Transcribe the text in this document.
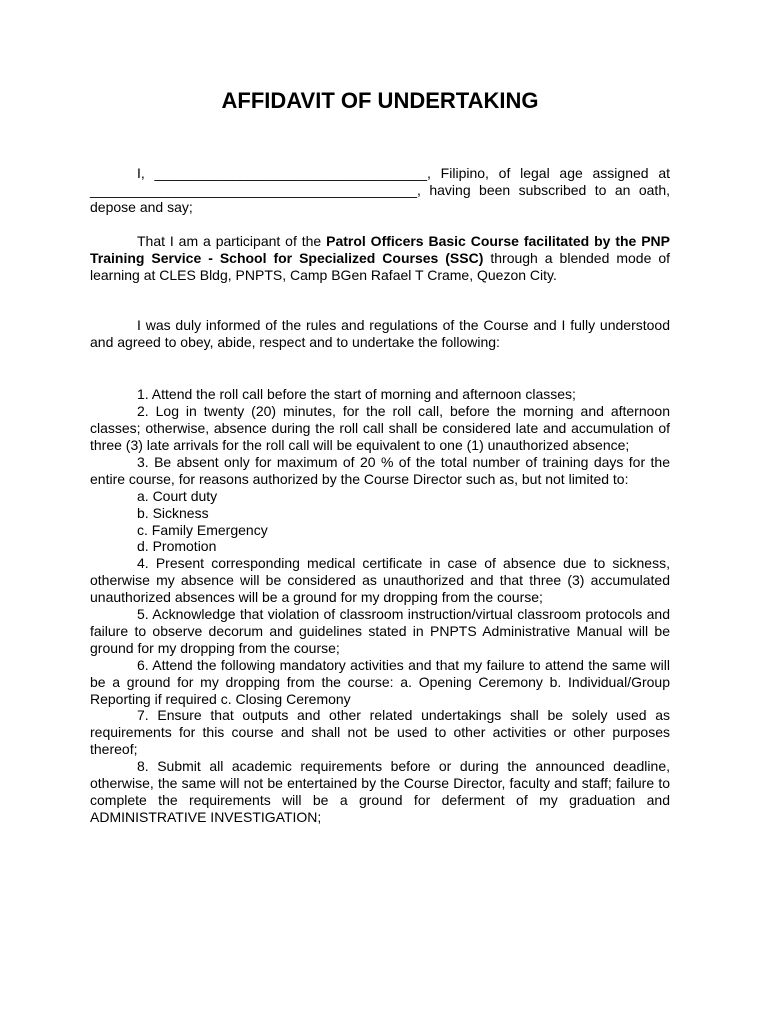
AFFIDAVIT OF UNDERTAKING

I, ___________________________________, Filipino, of legal age assigned at __________________________________________, having been subscribed to an oath, depose and say;

That I am a participant of the Patrol Officers Basic Course facilitated by the PNP Training Service - School for Specialized Courses (SSC) through a blended mode of learning at CLES Bldg, PNPTS, Camp BGen Rafael T Crame, Quezon City.

I was duly informed of the rules and regulations of the Course and I fully understood and agreed to obey, abide, respect and to undertake the following:

1. Attend the roll call before the start of morning and afternoon classes;

2. Log in twenty (20) minutes, for the roll call, before the morning and afternoon classes; otherwise, absence during the roll call shall be considered late and accumulation of three (3) late arrivals for the roll call will be equivalent to one (1) unauthorized absence;

3. Be absent only for maximum of 20 % of the total number of training days for the entire course, for reasons authorized by the Course Director such as, but not limited to:

a. Court duty

b. Sickness

c. Family Emergency

d. Promotion

4. Present corresponding medical certificate in case of absence due to sickness, otherwise my absence will be considered as unauthorized and that three (3) accumulated unauthorized absences will be a ground for my dropping from the course;

5. Acknowledge that violation of classroom instruction/virtual classroom protocols and failure to observe decorum and guidelines stated in PNPTS Administrative Manual will be ground for my dropping from the course;

6. Attend the following mandatory activities and that my failure to attend the same will be a ground for my dropping from the course: a. Opening Ceremony b. Individual/Group Reporting if required c. Closing Ceremony

7. Ensure that outputs and other related undertakings shall be solely used as requirements for this course and shall not be used to other activities or other purposes thereof;

8. Submit all academic requirements before or during the announced deadline, otherwise, the same will not be entertained by the Course Director, faculty and staff; failure to complete the requirements will be a ground for deferment of my graduation and ADMINISTRATIVE INVESTIGATION;
